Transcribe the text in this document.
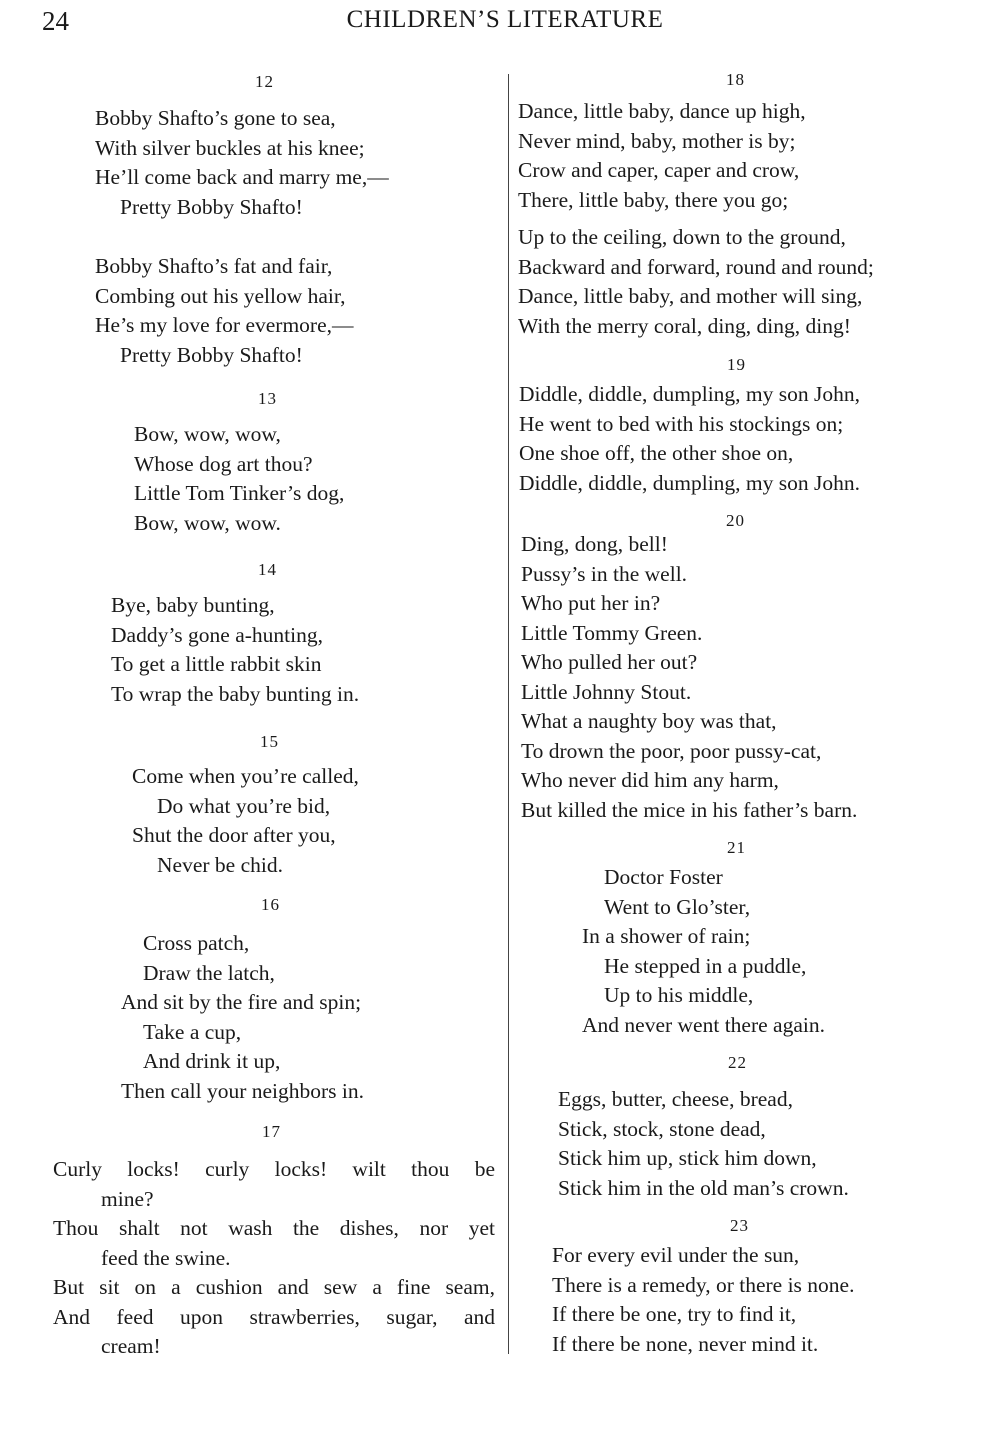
24	CHILDREN’S LITERATURE
12
Bobby Shafto’s gone to sea,
With silver buckles at his knee;
He’ll come back and marry me,—
Pretty Bobby Shafto!
Bobby Shafto’s fat and fair,
Combing out his yellow hair,
He’s my love for evermore,—
Pretty Bobby Shafto!
13
Bow, wow, wow,
Whose dog art thou?
Little Tom Tinker’s dog,
Bow, wow, wow.
14
Bye, baby bunting,
Daddy’s gone a-hunting,
To get a little rabbit skin
To wrap the baby bunting in.
15
Come when you’re called,
Do what you’re bid,
Shut the door after you,
Never be chid.
16
Cross patch,
Draw the latch,
And sit by the fire and spin;
Take a cup,
And drink it up,
Then call your neighbors in.
17
Curly locks! curly locks! wilt thou be
mine?
Thou shalt not wash the dishes, nor yet
feed the swine.
But sit on a cushion and sew a fine seam,
And feed upon strawberries, sugar, and
cream!
18
Dance, little baby, dance up high,
Never mind, baby, mother is by;
Crow and caper, caper and crow,
There, little baby, there you go;
Up to the ceiling, down to the ground,
Backward and forward, round and round;
Dance, little baby, and mother will sing,
With the merry coral, ding, ding, ding!
19
Diddle, diddle, dumpling, my son John,
He went to bed with his stockings on;
One shoe off, the other shoe on,
Diddle, diddle, dumpling, my son John.
20
Ding, dong, bell!
Pussy’s in the well.
Who put her in?
Little Tommy Green.
Who pulled her out?
Little Johnny Stout.
What a naughty boy was that,
To drown the poor, poor pussy-cat,
Who never did him any harm,
But killed the mice in his father’s barn.
21
Doctor Foster
Went to Glo’ster,
In a shower of rain;
He stepped in a puddle,
Up to his middle,
And never went there again.
22
Eggs, butter, cheese, bread,
Stick, stock, stone dead,
Stick him up, stick him down,
Stick him in the old man’s crown.
23
For every evil under the sun,
There is a remedy, or there is none.
If there be one, try to find it,
If there be none, never mind it.
